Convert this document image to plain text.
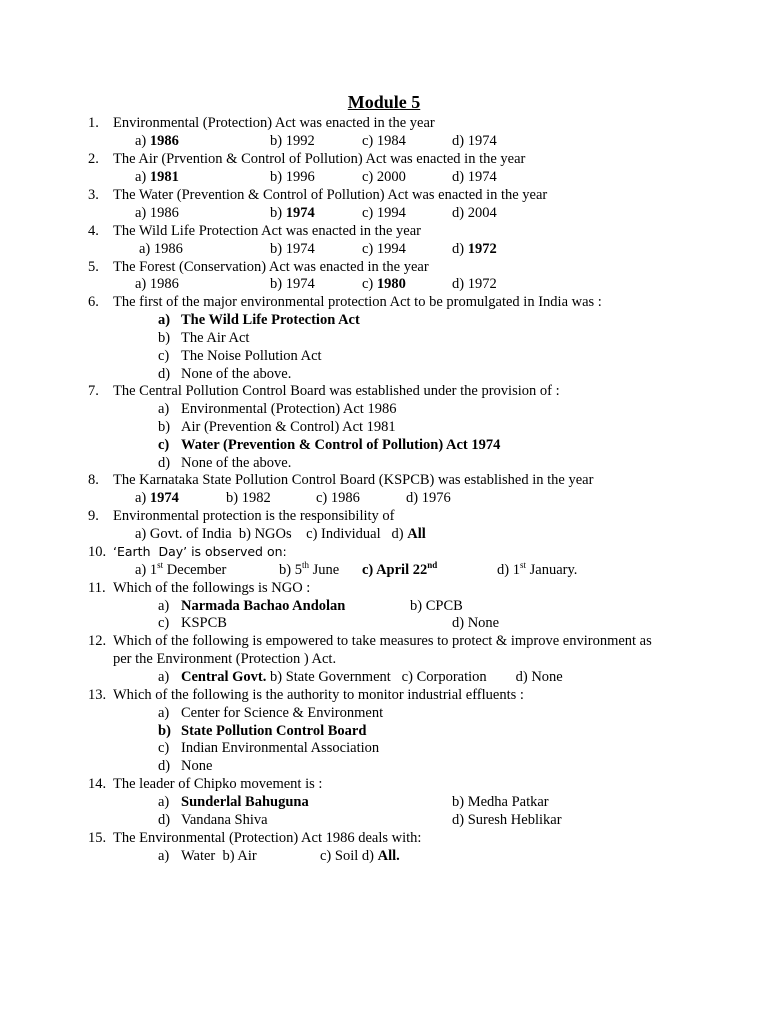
Module 5
1. Environmental (Protection) Act was enacted in the year
a) 1986	b) 1992	c) 1984	d) 1974
2. The Air (Prvention & Control of Pollution) Act was enacted in the year
a) 1981	b) 1996	c) 2000	d) 1974
3. The Water (Prevention & Control of Pollution) Act was enacted in the year
a) 1986	b) 1974	c) 1994	d) 2004
4. The Wild Life Protection Act was enacted in the year
a) 1986	b) 1974	c) 1994	d) 1972
5. The Forest (Conservation) Act was enacted in the year
a) 1986	b) 1974	c) 1980	d) 1972
6. The first of the major environmental protection Act to be promulgated in India was :
a) The Wild Life Protection Act
b) The Air Act
c) The Noise Pollution Act
d) None of the above.
7. The Central Pollution Control Board was established under the provision of :
a) Environmental (Protection) Act 1986
b) Air (Prevention & Control) Act 1981
c) Water (Prevention & Control of Pollution) Act 1974
d) None of the above.
8. The Karnataka State Pollution Control Board (KSPCB) was established in the year
a) 1974	b) 1982	c) 1986	d) 1976
9. Environmental protection is the responsibility of
a) Govt. of India  b) NGOs    c) Individual   d) All
10. ‘Earth  Day’ is observed on:
a) 1st December	b) 5th June c) April 22nd	d) 1st January.
11. Which of the followings is NGO :
a) Narmada Bachao Andolan	b) CPCB
c) KSPCB	d) None
12. Which of the following is empowered to take measures to protect & improve environment as
per the Environment (Protection ) Act.
a) Central Govt. b) State Government   c) Corporation        d) None
13. Which of the following is the authority to monitor industrial effluents :
a) Center for Science & Environment
b) State Pollution Control Board
c) Indian Environmental Association
d) None
14. The leader of Chipko movement is :
a) Sunderlal Bahuguna	b) Medha Patkar
d) Vandana Shiva	d) Suresh Heblikar
15. The Environmental (Protection) Act 1986 deals with:
a) Water  b) Air	c) Soil d) All.
